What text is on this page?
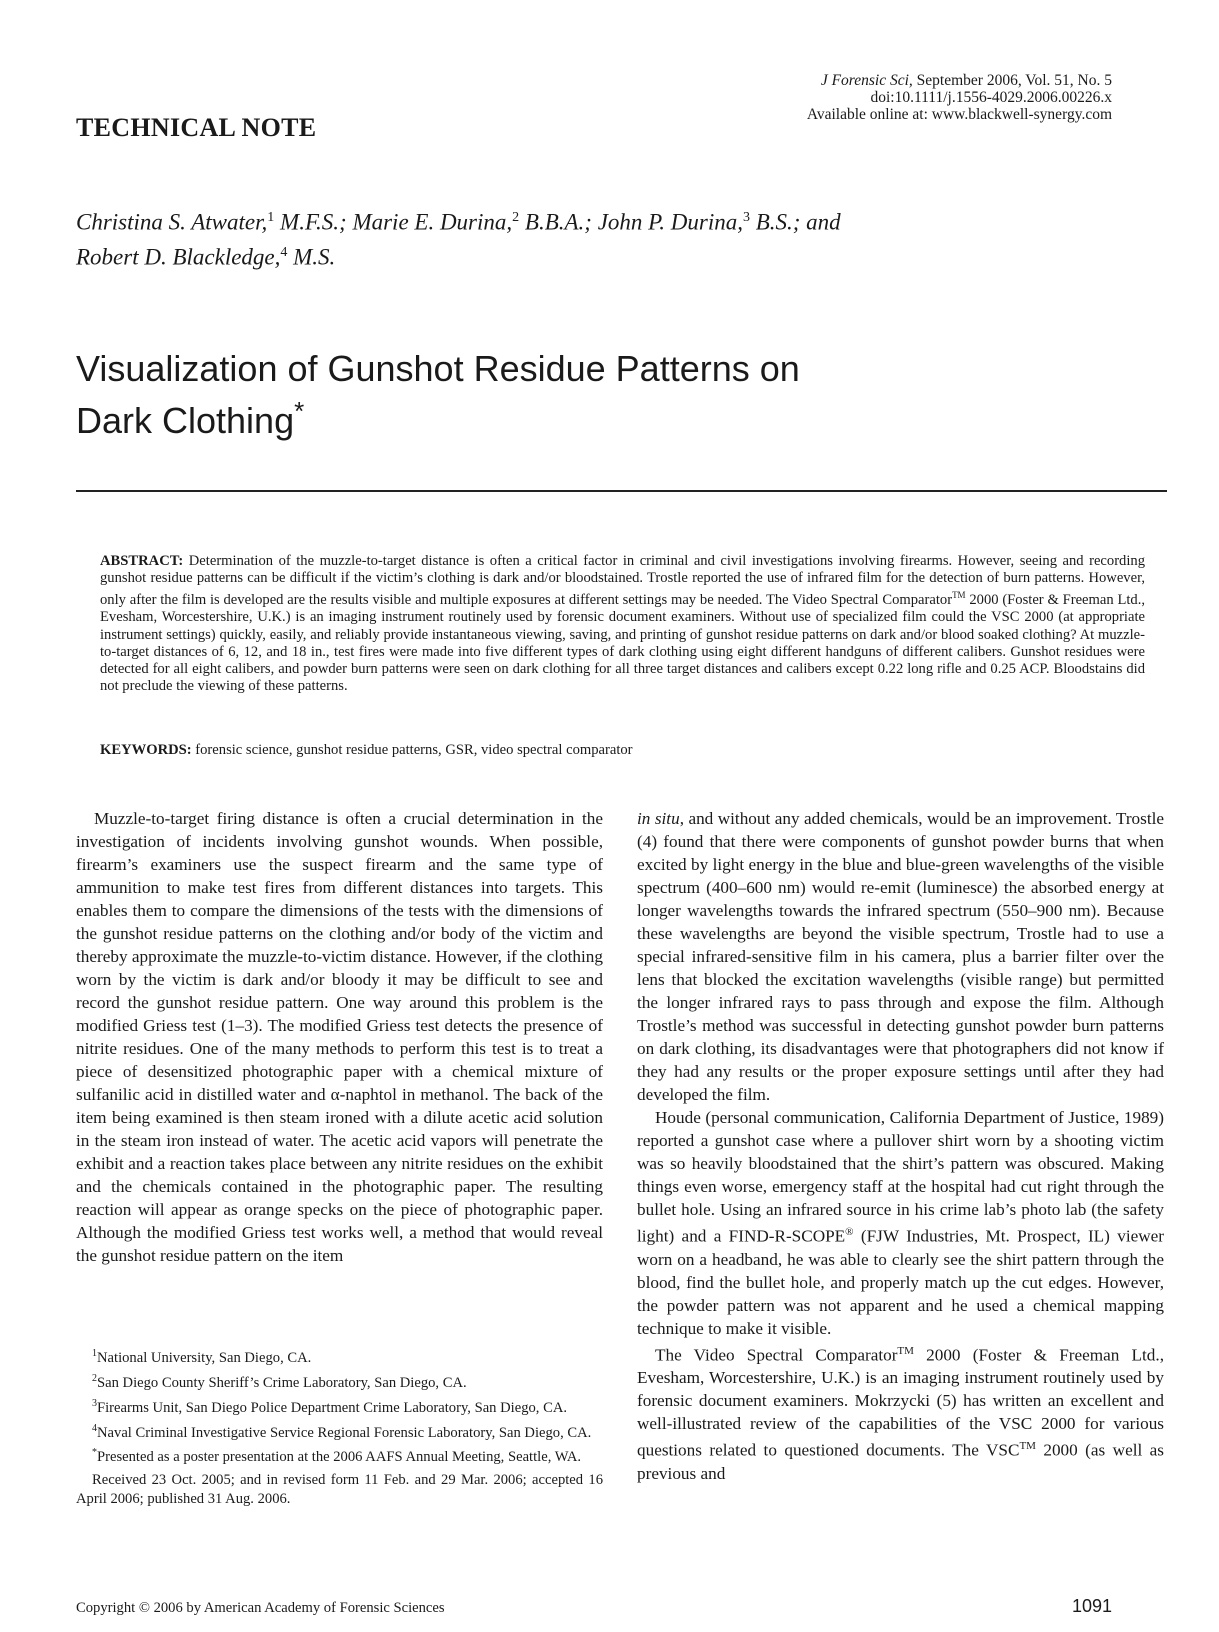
J Forensic Sci, September 2006, Vol. 51, No. 5
doi:10.1111/j.1556-4029.2006.00226.x
Available online at: www.blackwell-synergy.com
TECHNICAL NOTE
Christina S. Atwater,$^1$ M.F.S.; Marie E. Durina,$^2$ B.B.A.; John P. Durina,$^3$ B.S.; and
Robert D. Blackledge,$^4$ M.S.
Visualization of Gunshot Residue Patterns on
Dark Clothing*
ABSTRACT: Determination of the muzzle-to-target distance is often a critical factor in criminal and civil investigations involving firearms. However, seeing and recording gunshot residue patterns can be difficult if the victim’s clothing is dark and/or bloodstained. Trostle reported the use of infrared film for the detection of burn patterns. However, only after the film is developed are the results visible and multiple exposures at different settings may be needed. The Video Spectral Comparator™ 2000 (Foster & Freeman Ltd., Evesham, Worcestershire, U.K.) is an imaging instrument routinely used by forensic document examiners. Without use of specialized film could the VSC 2000 (at appropriate instrument settings) quickly, easily, and reliably provide instantaneous viewing, saving, and printing of gunshot residue patterns on dark and/or blood soaked clothing? At muzzle-to-target distances of 6, 12, and 18 in., test fires were made into five different types of dark clothing using eight different handguns of different calibers. Gunshot residues were detected for all eight calibers, and powder burn patterns were seen on dark clothing for all three target distances and calibers except 0.22 long rifle and 0.25 ACP. Bloodstains did not preclude the viewing of these patterns.
KEYWORDS: forensic science, gunshot residue patterns, GSR, video spectral comparator

Muzzle-to-target firing distance is often a crucial determination in the investigation of incidents involving gunshot wounds. When possible, firearm’s examiners use the suspect firearm and the same type of ammunition to make test fires from different distances into targets. This enables them to compare the dimensions of the tests with the dimensions of the gunshot residue patterns on the clothing and/or body of the victim and thereby approximate the muzzle-to-victim distance. However, if the clothing worn by the victim is dark and/or bloody it may be difficult to see and record the gunshot residue pattern. One way around this problem is the modified Griess test (1–3). The modified Griess test detects the presence of nitrite residues. One of the many methods to perform this test is to treat a piece of desensitized photographic paper with a chemical mixture of sulfanilic acid in distilled water and α-naphtol in methanol. The back of the item being examined is then steam ironed with a dilute acetic acid solution in the steam iron instead of water. The acetic acid vapors will penetrate the exhibit and a reaction takes place between any nitrite residues on the exhibit and the chemicals contained in the photographic paper. The resulting reaction will appear as orange specks on the piece of photographic paper. Although the modified Griess test works well, a method that would reveal the gunshot residue pattern on the item

in situ, and without any added chemicals, would be an improvement. Trostle (4) found that there were components of gunshot powder burns that when excited by light energy in the blue and blue-green wavelengths of the visible spectrum (400–600 nm) would re-emit (luminesce) the absorbed energy at longer wavelengths towards the infrared spectrum (550–900 nm). Because these wavelengths are beyond the visible spectrum, Trostle had to use a special infrared-sensitive film in his camera, plus a barrier filter over the lens that blocked the excitation wavelengths (visible range) but permitted the longer infrared rays to pass through and expose the film. Although Trostle’s method was successful in detecting gunshot powder burn patterns on dark clothing, its disadvantages were that photographers did not know if they had any results or the proper exposure settings until after they had developed the film.

Houde (personal communication, California Department of Justice, 1989) reported a gunshot case where a pullover shirt worn by a shooting victim was so heavily bloodstained that the shirt’s pattern was obscured. Making things even worse, emergency staff at the hospital had cut right through the bullet hole. Using an infrared source in his crime lab’s photo lab (the safety light) and a FIND-R-SCOPE® (FJW Industries, Mt. Prospect, IL) viewer worn on a headband, he was able to clearly see the shirt pattern through the blood, find the bullet hole, and properly match up the cut edges. However, the powder pattern was not apparent and he used a chemical mapping technique to make it visible.

The Video Spectral Comparator™ 2000 (Foster & Freeman Ltd., Evesham, Worcestershire, U.K.) is an imaging instrument routinely used by forensic document examiners. Mokrzycki (5) has written an excellent and well-illustrated review of the capabilities of the VSC 2000 for various questions related to questioned documents. The VSC™ 2000 (as well as previous and

$^1$National University, San Diego, CA.

$^2$San Diego County Sheriff’s Crime Laboratory, San Diego, CA.

$^3$Firearms Unit, San Diego Police Department Crime Laboratory, San Diego, CA.

$^4$Naval Criminal Investigative Service Regional Forensic Laboratory, San Diego, CA.

*Presented as a poster presentation at the 2006 AAFS Annual Meeting, Seattle, WA.

Received 23 Oct. 2005; and in revised form 11 Feb. and 29 Mar. 2006; accepted 16 April 2006; published 31 Aug. 2006.

Copyright © 2006 by American Academy of Forensic Sciences	1091
